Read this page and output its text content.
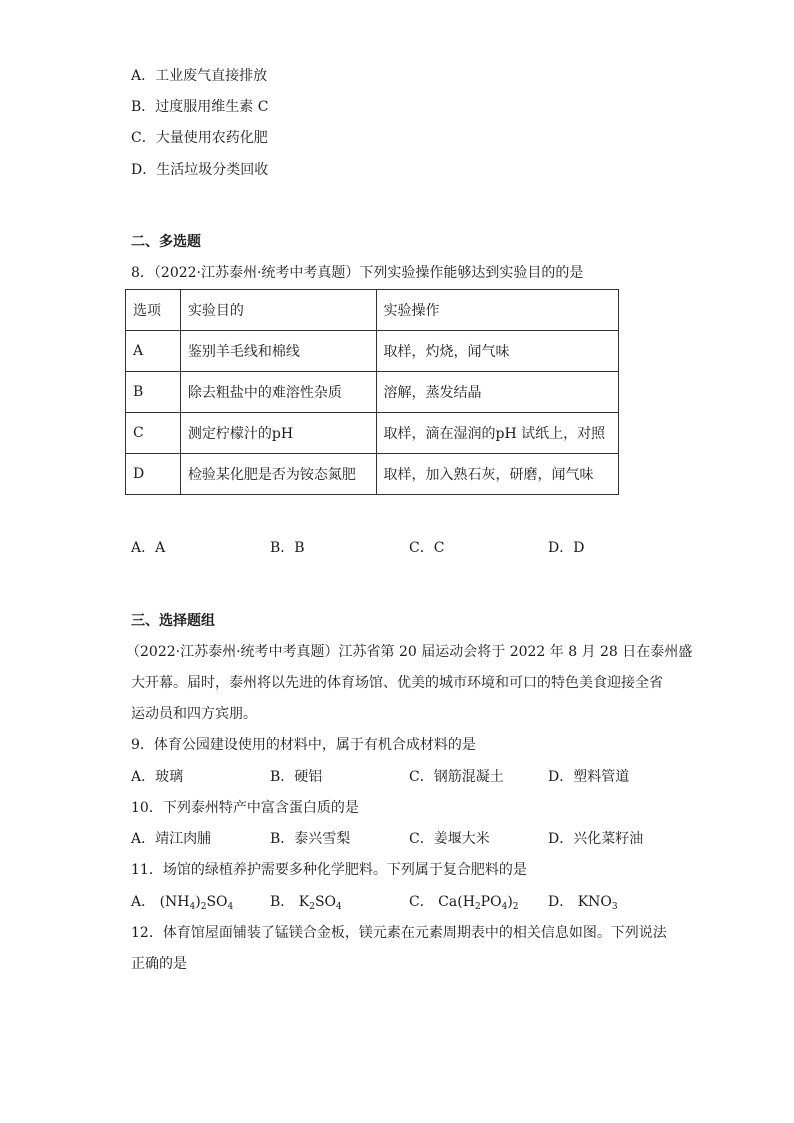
A．工业废气直接排放
B．过度服用维生素 C
C．大量使用农药化肥
D．生活垃圾分类回收
二、多选题
8．（2022·江苏泰州·统考中考真题）下列实验操作能够达到实验目的的是
选项	实验目的	实验操作
A	鉴别羊毛线和棉线	取样，灼烧，闻气味
B	除去粗盐中的难溶性杂质	溶解，蒸发结晶
C	测定柠檬汁的pH	取样，滴在湿润的pH 试纸上，对照
D	检验某化肥是否为铵态氮肥	取样，加入熟石灰，研磨，闻气味
A．A	B．B	C．C	D．D
三、选择题组
（2022·江苏泰州·统考中考真题）江苏省第 20 届运动会将于 2022 年 8 月 28 日在泰州盛
大开幕。届时，泰州将以先进的体育场馆、优美的城市环境和可口的特色美食迎接全省
运动员和四方宾朋。
9．体育公园建设使用的材料中，属于有机合成材料的是
A．玻璃	B．硬铝	C．钢筋混凝土	D．塑料管道
10．下列泰州特产中富含蛋白质的是
A．靖江肉脯	B．泰兴雪梨	C．姜堰大米	D．兴化菜籽油
11．场馆的绿植养护需要多种化学肥料。下列属于复合肥料的是
A． $(NH_4)_2SO_4$	B． $K_2SO_4$	C． $Ca(H_2PO_4)_2$ D． $KNO_3$
12．体育馆屋面铺装了锰镁合金板，镁元素在元素周期表中的相关信息如图。下列说法
正确的是
